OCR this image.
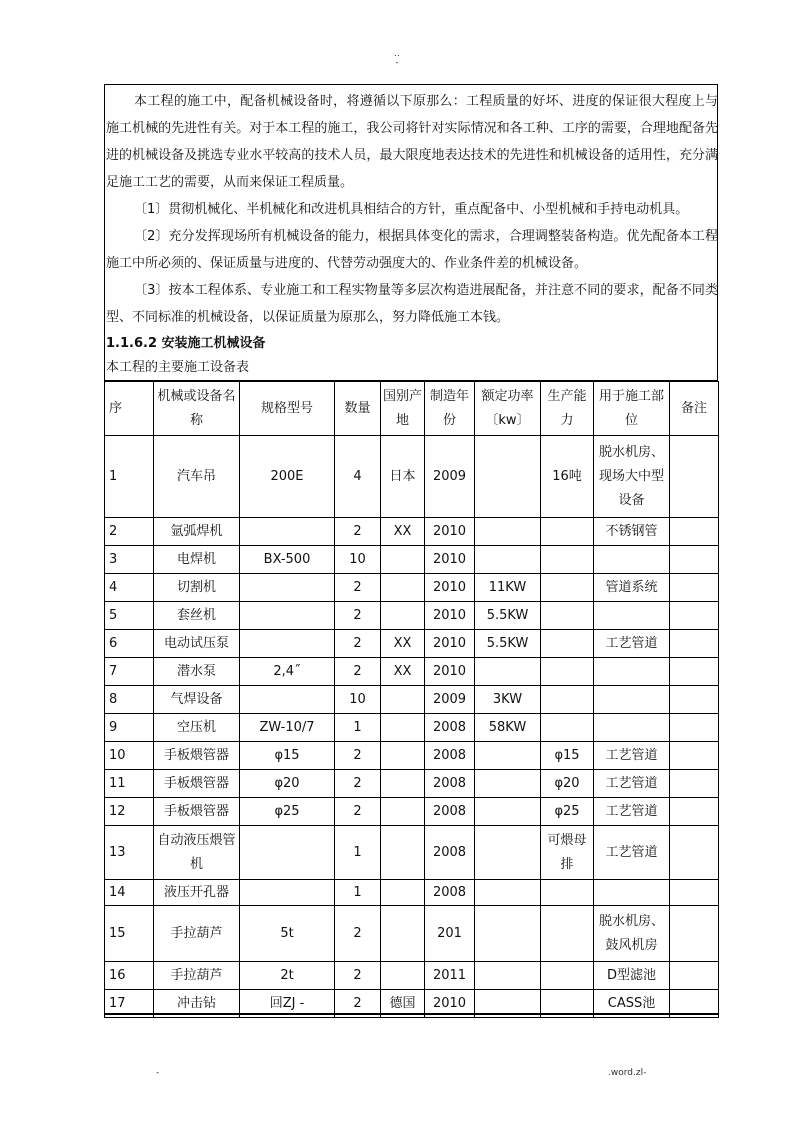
..
-

本工程的施工中，配备机械设备时，将遵循以下原那么：工程质量的好坏、进度的保证很大程度上与施工机械的先进性有关。对于本工程的施工，我公司将针对实际情况和各工种、工序的需要，合理地配备先进的机械设备及挑选专业水平较高的技术人员，最大限度地表达技术的先进性和机械设备的适用性，充分满足施工工艺的需要，从而来保证工程质量。

〔1〕贯彻机械化、半机械化和改进机具相结合的方针，重点配备中、小型机械和手持电动机具。

〔2〕充分发挥现场所有机械设备的能力，根据具体变化的需求，合理调整装备构造。优先配备本工程施工中所必须的、保证质量与进度的、代替劳动强度大的、作业条件差的机械设备。

〔3〕按本工程体系、专业施工和工程实物量等多层次构造进展配备，并注意不同的要求，配备不同类型、不同标准的机械设备，以保证质量为原那么，努力降低施工本钱。

1.1.6.2 安装施工机械设备

本工程的主要施工设备表

序	机械或设备名称	规格型号	数量	国别产地	制造年份	额定功率〔kw〕	生产能力	用于施工部位	备注
1	汽车吊	200E	4	日本	2009		16吨	脱水机房、现场大中型设备	
2	氩弧焊机		2	XX	2010			不锈钢管	
3	电焊机	BX-500	10		2010				
4	切割机		2		2010	11KW		管道系统	
5	套丝机		2		2010	5.5KW			
6	电动试压泵		2	XX	2010	5.5KW		工艺管道	
7	潜水泵	2,4˝	2	XX	2010				
8	气焊设备		10		2009	3KW			
9	空压机	ZW-10/7	1		2008	58KW			
10	手板煨管器	φ15	2		2008		φ15	工艺管道	
11	手板煨管器	φ20	2		2008		φ20	工艺管道	
12	手板煨管器	φ25	2		2008		φ25	工艺管道	
13	自动液压煨管机		1		2008		可煨母排	工艺管道	
14	液压开孔器		1		2008				
15	手拉葫芦	5t	2		201			脱水机房、鼓风机房	
16	手拉葫芦	2t	2		2011			D型滤池	
17	冲击钻	回ZJ -	2	德国	2010			CASS池	
-	.word.zl-
